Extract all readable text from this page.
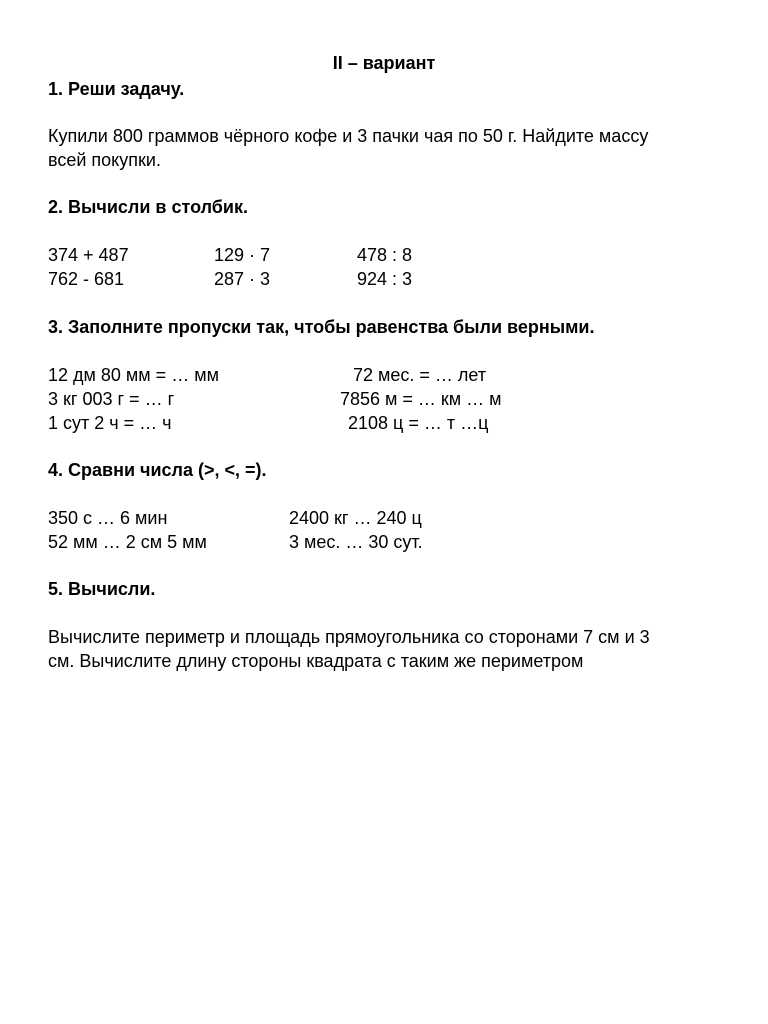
II – вариант
1. Реши задачу.
Купили 800 граммов чёрного кофе и 3 пачки чая по 50 г. Найдите массу
всей покупки.
2. Вычисли в столбик.
374 + 487	129 · 7	478 : 8
762 - 681	287 · 3	924 : 3
3. Заполните пропуски так, чтобы равенства были верными.
12 дм 80 мм = … мм	72 мес. = … лет
3 кг 003 г = … г	7856 м = … км … м
1 сут 2 ч = … ч	2108 ц = … т …ц
4. Сравни числа (>, <, =).
350 с … 6 мин	2400 кг … 240 ц
52 мм … 2 см 5 мм	3 мес. … 30 сут.
5. Вычисли.
Вычислите периметр и площадь прямоугольника со сторонами 7 см и 3
см. Вычислите длину стороны квадрата с таким же периметром
